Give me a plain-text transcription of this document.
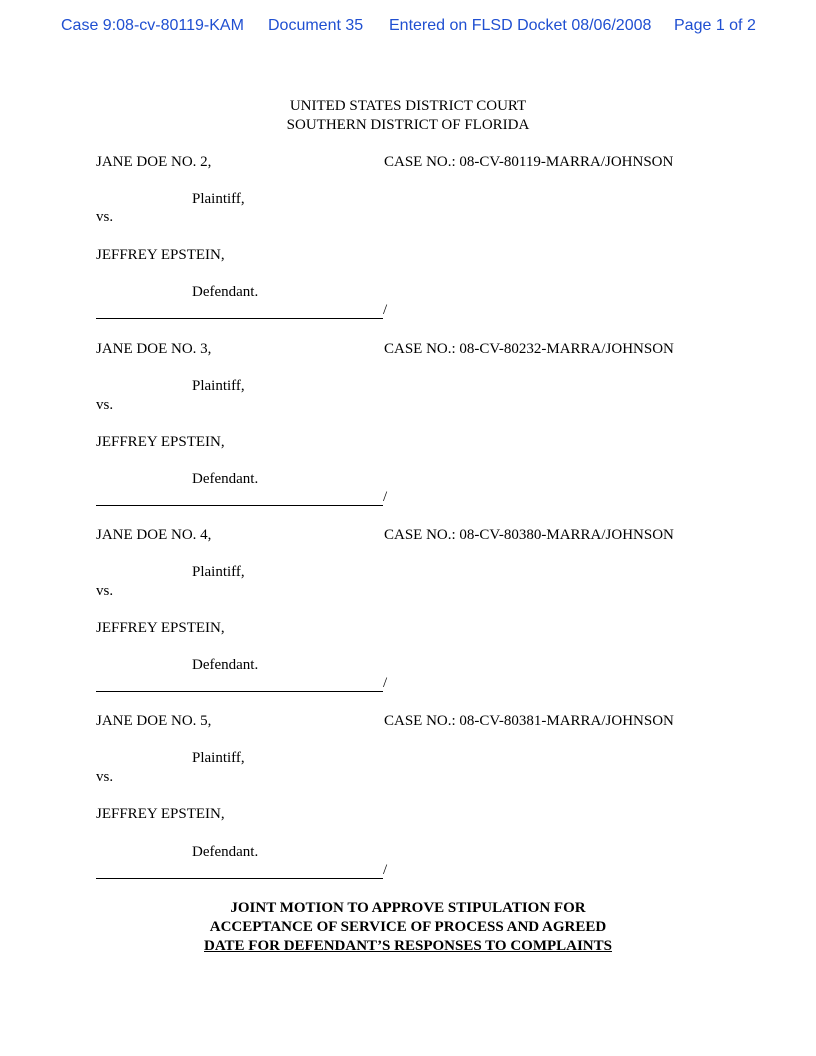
Case 9:08-cv-80119-KAM Document 35 Entered on FLSD Docket 08/06/2008 Page 1 of 2
UNITED STATES DISTRICT COURT
SOUTHERN DISTRICT OF FLORIDA
JANE DOE NO. 2,	CASE NO.: 08-CV-80119-MARRA/JOHNSON
Plaintiff,
vs.
JEFFREY EPSTEIN,
Defendant.
/
JANE DOE NO. 3,	CASE NO.: 08-CV-80232-MARRA/JOHNSON
Plaintiff,
vs.
JEFFREY EPSTEIN,
Defendant.
/
JANE DOE NO. 4,	CASE NO.: 08-CV-80380-MARRA/JOHNSON
Plaintiff,
vs.
JEFFREY EPSTEIN,
Defendant.
/
JANE DOE NO. 5,	CASE NO.: 08-CV-80381-MARRA/JOHNSON
Plaintiff,
vs.
JEFFREY EPSTEIN,
Defendant.
/
JOINT MOTION TO APPROVE STIPULATION FOR
ACCEPTANCE OF SERVICE OF PROCESS AND AGREED
DATE FOR DEFENDANT’S RESPONSES TO COMPLAINTS
